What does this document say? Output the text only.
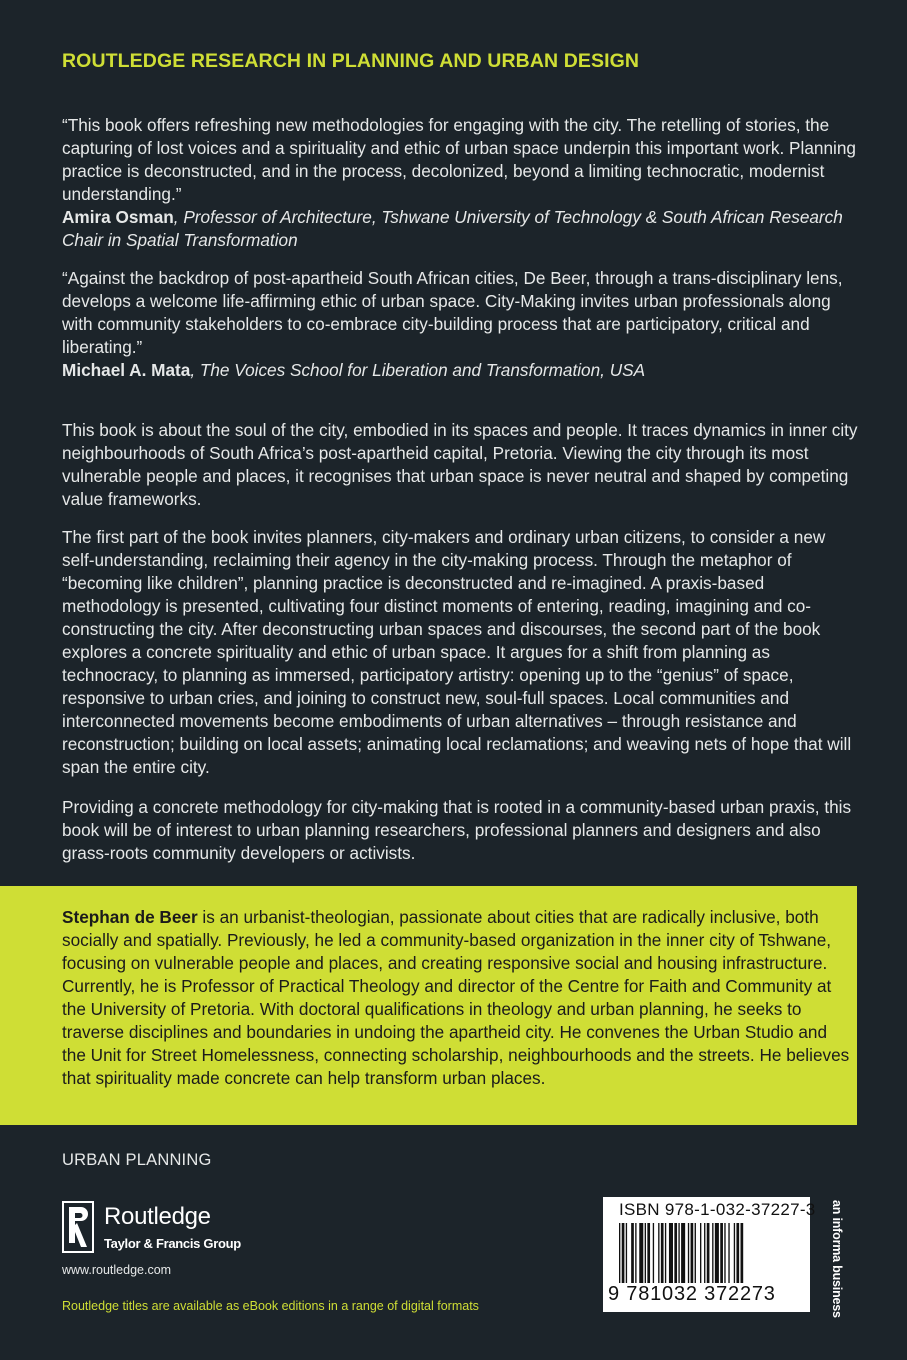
ROUTLEDGE RESEARCH IN PLANNING AND URBAN DESIGN

“This book offers refreshing new methodologies for engaging with the city. The retelling of stories, the capturing of lost voices and a spirituality and ethic of urban space underpin this important work. Planning practice is deconstructed, and in the process, decolonized, beyond a limiting technocratic, modernist understanding.”

Amira Osman, Professor of Architecture, Tshwane University of Technology & South African Research Chair in Spatial Transformation

“Against the backdrop of post-apartheid South African cities, De Beer, through a trans-disciplinary lens, develops a welcome life-affirming ethic of urban space. City-Making invites urban professionals along with community stakeholders to co-embrace city-building process that are participatory, critical and liberating.”

Michael A. Mata, The Voices School for Liberation and Transformation, USA

This book is about the soul of the city, embodied in its spaces and people. It traces dynamics in inner city neighbourhoods of South Africa’s post-apartheid capital, Pretoria. Viewing the city through its most vulnerable people and places, it recognises that urban space is never neutral and shaped by competing value frameworks.
The first part of the book invites planners, city-makers and ordinary urban citizens, to consider a new self-understanding, reclaiming their agency in the city-making process. Through the metaphor of “becoming like children”, planning practice is deconstructed and re-imagined. A praxis-based methodology is presented, cultivating four distinct moments of entering, reading, imagining and co-constructing the city. After deconstructing urban spaces and discourses, the second part of the book explores a concrete spirituality and ethic of urban space. It argues for a shift from planning as technocracy, to planning as immersed, participatory artistry: opening up to the “genius” of space, responsive to urban cries, and joining to construct new, soul-full spaces. Local communities and interconnected movements become embodiments of urban alternatives – through resistance and reconstruction; building on local assets; animating local reclamations; and weaving nets of hope that will span the entire city.
Providing a concrete methodology for city-making that is rooted in a community-based urban praxis, this book will be of interest to urban planning researchers, professional planners and designers and also grass-roots community developers or activists.
Stephan de Beer is an urbanist-theologian, passionate about cities that are radically inclusive, both socially and spatially. Previously, he led a community-based organization in the inner city of Tshwane, focusing on vulnerable people and places, and creating responsive social and housing infrastructure. Currently, he is Professor of Practical Theology and director of the Centre for Faith and Community at the University of Pretoria. With doctoral qualifications in theology and urban planning, he seeks to traverse disciplines and boundaries in undoing the apartheid city. He convenes the Urban Studio and the Unit for Street Homelessness, connecting scholarship, neighbourhoods and the streets. He believes that spirituality made concrete can help transform urban places.
URBAN PLANNING
Routledge
Taylor & Francis Group
www.routledge.com
Routledge titles are available as eBook editions in a range of digital formats
ISBN 978-1-032-37227-3
9 781032 372273	an informa business
